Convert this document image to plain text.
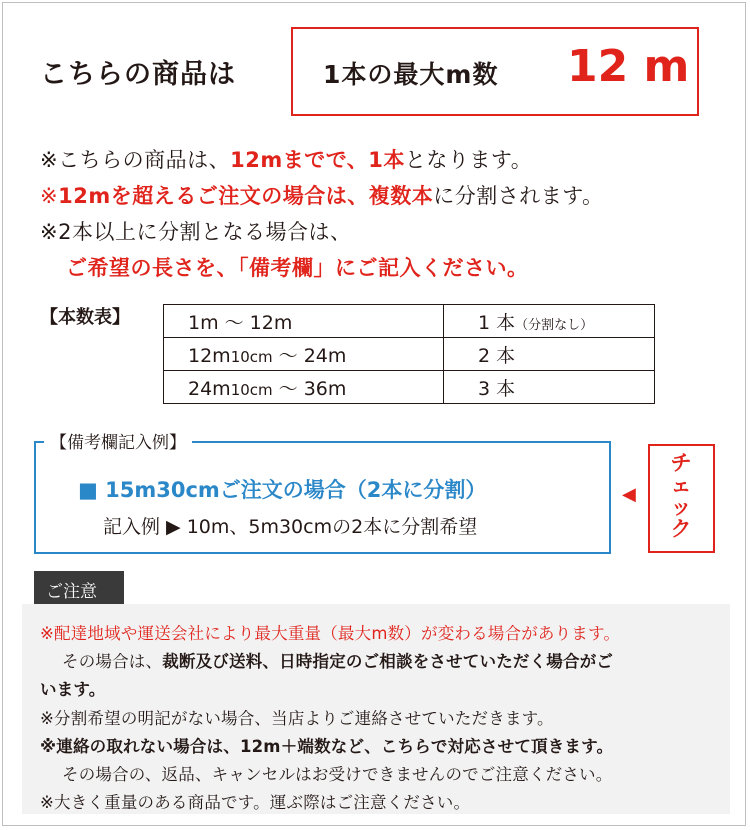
こちらの商品は	1本の最大m数 12 m
※こちらの商品は、12mまでで、1本となります。
※12mを超えるご注文の場合は、複数本に分割されます。
※2本以上に分割となる場合は、
ご希望の長さを、「備考欄」にご記入ください。
【本数表】	1m ～ 12m	1 本（分割なし）
12m10cm ～ 24m	2 本
24m10cm ～ 36m	3 本
【備考欄記入例】
■ 15m30cmご注文の場合（2本に分割）
記入例 ▶ 10m、5m30cmの2本に分割希望
◀
チェック
ご注意
※配達地域や運送会社により最大重量（最大m数）が変わる場合があります。
その場合は、裁断及び送料、日時指定のご相談をさせていただく場合がご
います。
※分割希望の明記がない場合、当店よりご連絡させていただきます。
※連絡の取れない場合は、12m＋端数など、こちらで対応させて頂きます。
その場合の、返品、キャンセルはお受けできませんのでご注意ください。
※大きく重量のある商品です。運ぶ際はご注意ください。
